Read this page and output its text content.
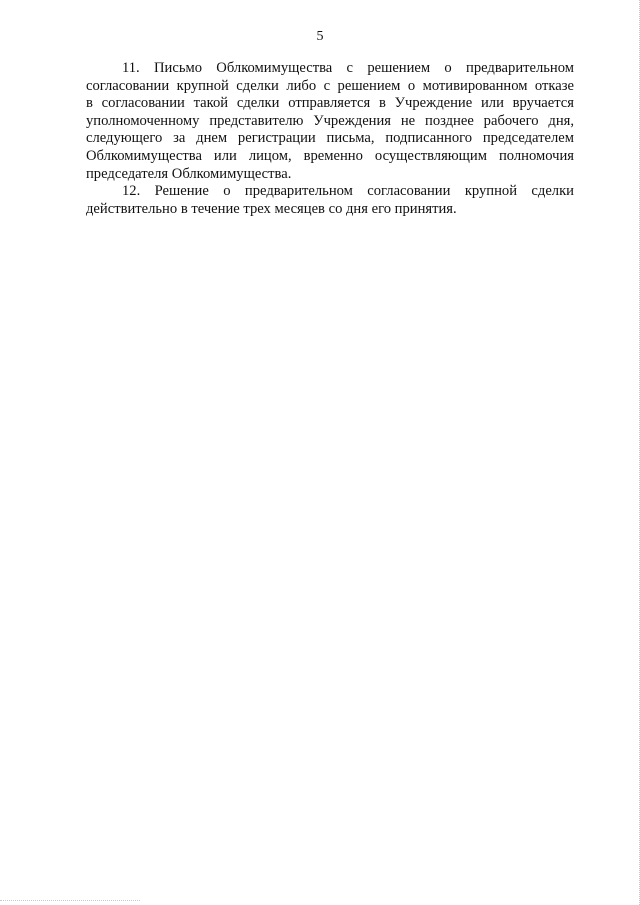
5

11. Письмо Облкомимущества с решением о предварительном
согласовании крупной сделки либо с решением о мотивированном отказе
в согласовании такой сделки отправляется в Учреждение или вручается
уполномоченному представителю Учреждения не позднее рабочего дня,
следующего за днем регистрации письма, подписанного председателем
Облкомимущества или лицом, временно осуществляющим полномочия
председателя Облкомимущества.

12. Решение о предварительном согласовании крупной сделки
действительно в течение трех месяцев со дня его принятия.
